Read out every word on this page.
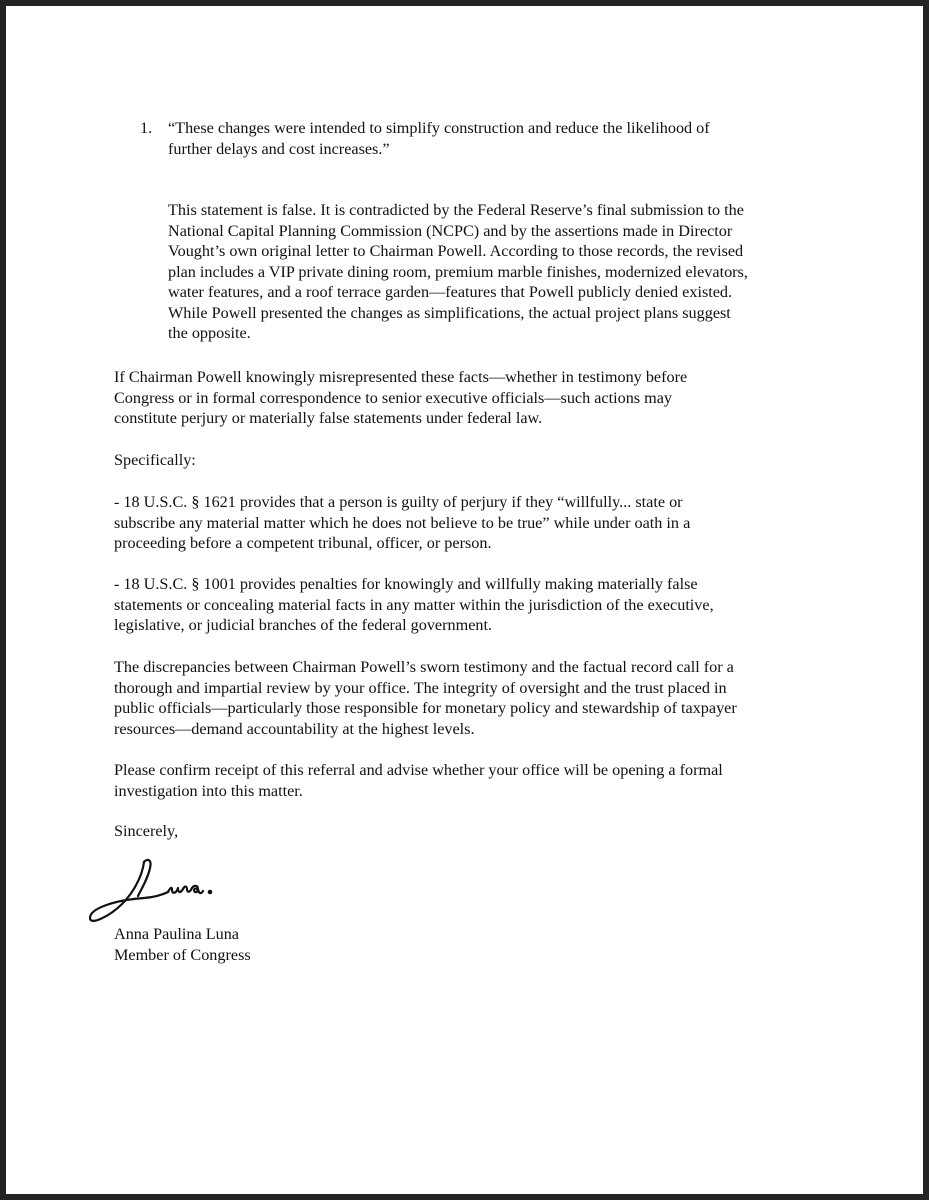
1. “These changes were intended to simplify construction and reduce the likelihood of
further delays and cost increases.”

This statement is false. It is contradicted by the Federal Reserve’s final submission to the
National Capital Planning Commission (NCPC) and by the assertions made in Director
Vought’s own original letter to Chairman Powell. According to those records, the revised
plan includes a VIP private dining room, premium marble finishes, modernized elevators,
water features, and a roof terrace garden—features that Powell publicly denied existed.
While Powell presented the changes as simplifications, the actual project plans suggest
the opposite.

If Chairman Powell knowingly misrepresented these facts—whether in testimony before
Congress or in formal correspondence to senior executive officials—such actions may
constitute perjury or materially false statements under federal law.

Specifically:

- 18 U.S.C. § 1621 provides that a person is guilty of perjury if they “willfully... state or
subscribe any material matter which he does not believe to be true” while under oath in a
proceeding before a competent tribunal, officer, or person.

- 18 U.S.C. § 1001 provides penalties for knowingly and willfully making materially false
statements or concealing material facts in any matter within the jurisdiction of the executive,
legislative, or judicial branches of the federal government.

The discrepancies between Chairman Powell’s sworn testimony and the factual record call for a
thorough and impartial review by your office. The integrity of oversight and the trust placed in
public officials—particularly those responsible for monetary policy and stewardship of taxpayer
resources—demand accountability at the highest levels.

Please confirm receipt of this referral and advise whether your office will be opening a formal
investigation into this matter.

Sincerely,

Anna Paulina Luna

Member of Congress
